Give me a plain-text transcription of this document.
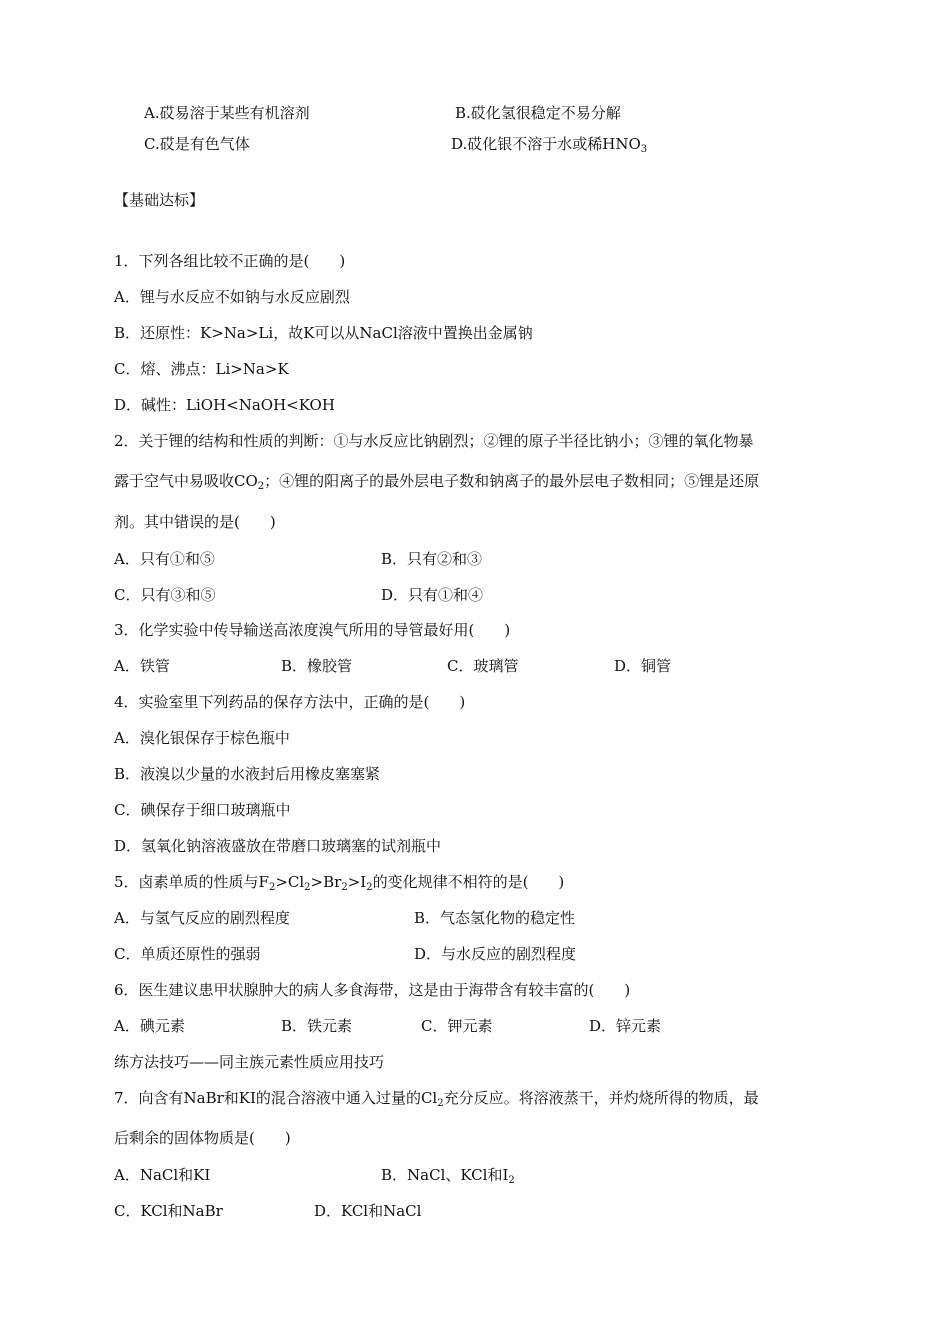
A.砹易溶于某些有机溶剂	B.砹化氢很稳定不易分解
C.砹是有色气体	D.砹化银不溶于水或稀$HNO_3$
【基础达标】
1．下列各组比较不正确的是(　　)
A．锂与水反应不如钠与水反应剧烈
B．还原性：K>Na>Li，故K可以从NaCl溶液中置换出金属钠
C．熔、沸点：Li>Na>K
D．碱性：LiOH<NaOH<KOH
2．关于锂的结构和性质的判断：①与水反应比钠剧烈；②锂的原子半径比钠小；③锂的氧化物暴
露于空气中易吸收$CO_2$；④锂的阳离子的最外层电子数和钠离子的最外层电子数相同；⑤锂是还原
剂。其中错误的是(　　)
A．只有①和⑤	B．只有②和③
C．只有③和⑤	D．只有①和④
3．化学实验中传导输送高浓度溴气所用的导管最好用(　　)
A．铁管	B．橡胶管	C．玻璃管	D．铜管
4．实验室里下列药品的保存方法中，正确的是(　　)
A．溴化银保存于棕色瓶中
B．液溴以少量的水液封后用橡皮塞塞紧
C．碘保存于细口玻璃瓶中
D．氢氧化钠溶液盛放在带磨口玻璃塞的试剂瓶中
5．卤素单质的性质与$F_2>Cl_2>Br_2>I_2$的变化规律不相符的是(　　)
A．与氢气反应的剧烈程度	B．气态氢化物的稳定性
C．单质还原性的强弱	D．与水反应的剧烈程度
6．医生建议患甲状腺肿大的病人多食海带，这是由于海带含有较丰富的(　　)
A．碘元素	B．铁元素	C．钾元素	D．锌元素
练方法技巧——同主族元素性质应用技巧
7．向含有NaBr和KI的混合溶液中通入过量的$Cl_2$充分反应。将溶液蒸干，并灼烧所得的物质，最
后剩余的固体物质是(　　)
A．NaCl和KI	B．NaCl、KCl和$I_2$
C．KCl和NaBr	D．KCl和NaCl
